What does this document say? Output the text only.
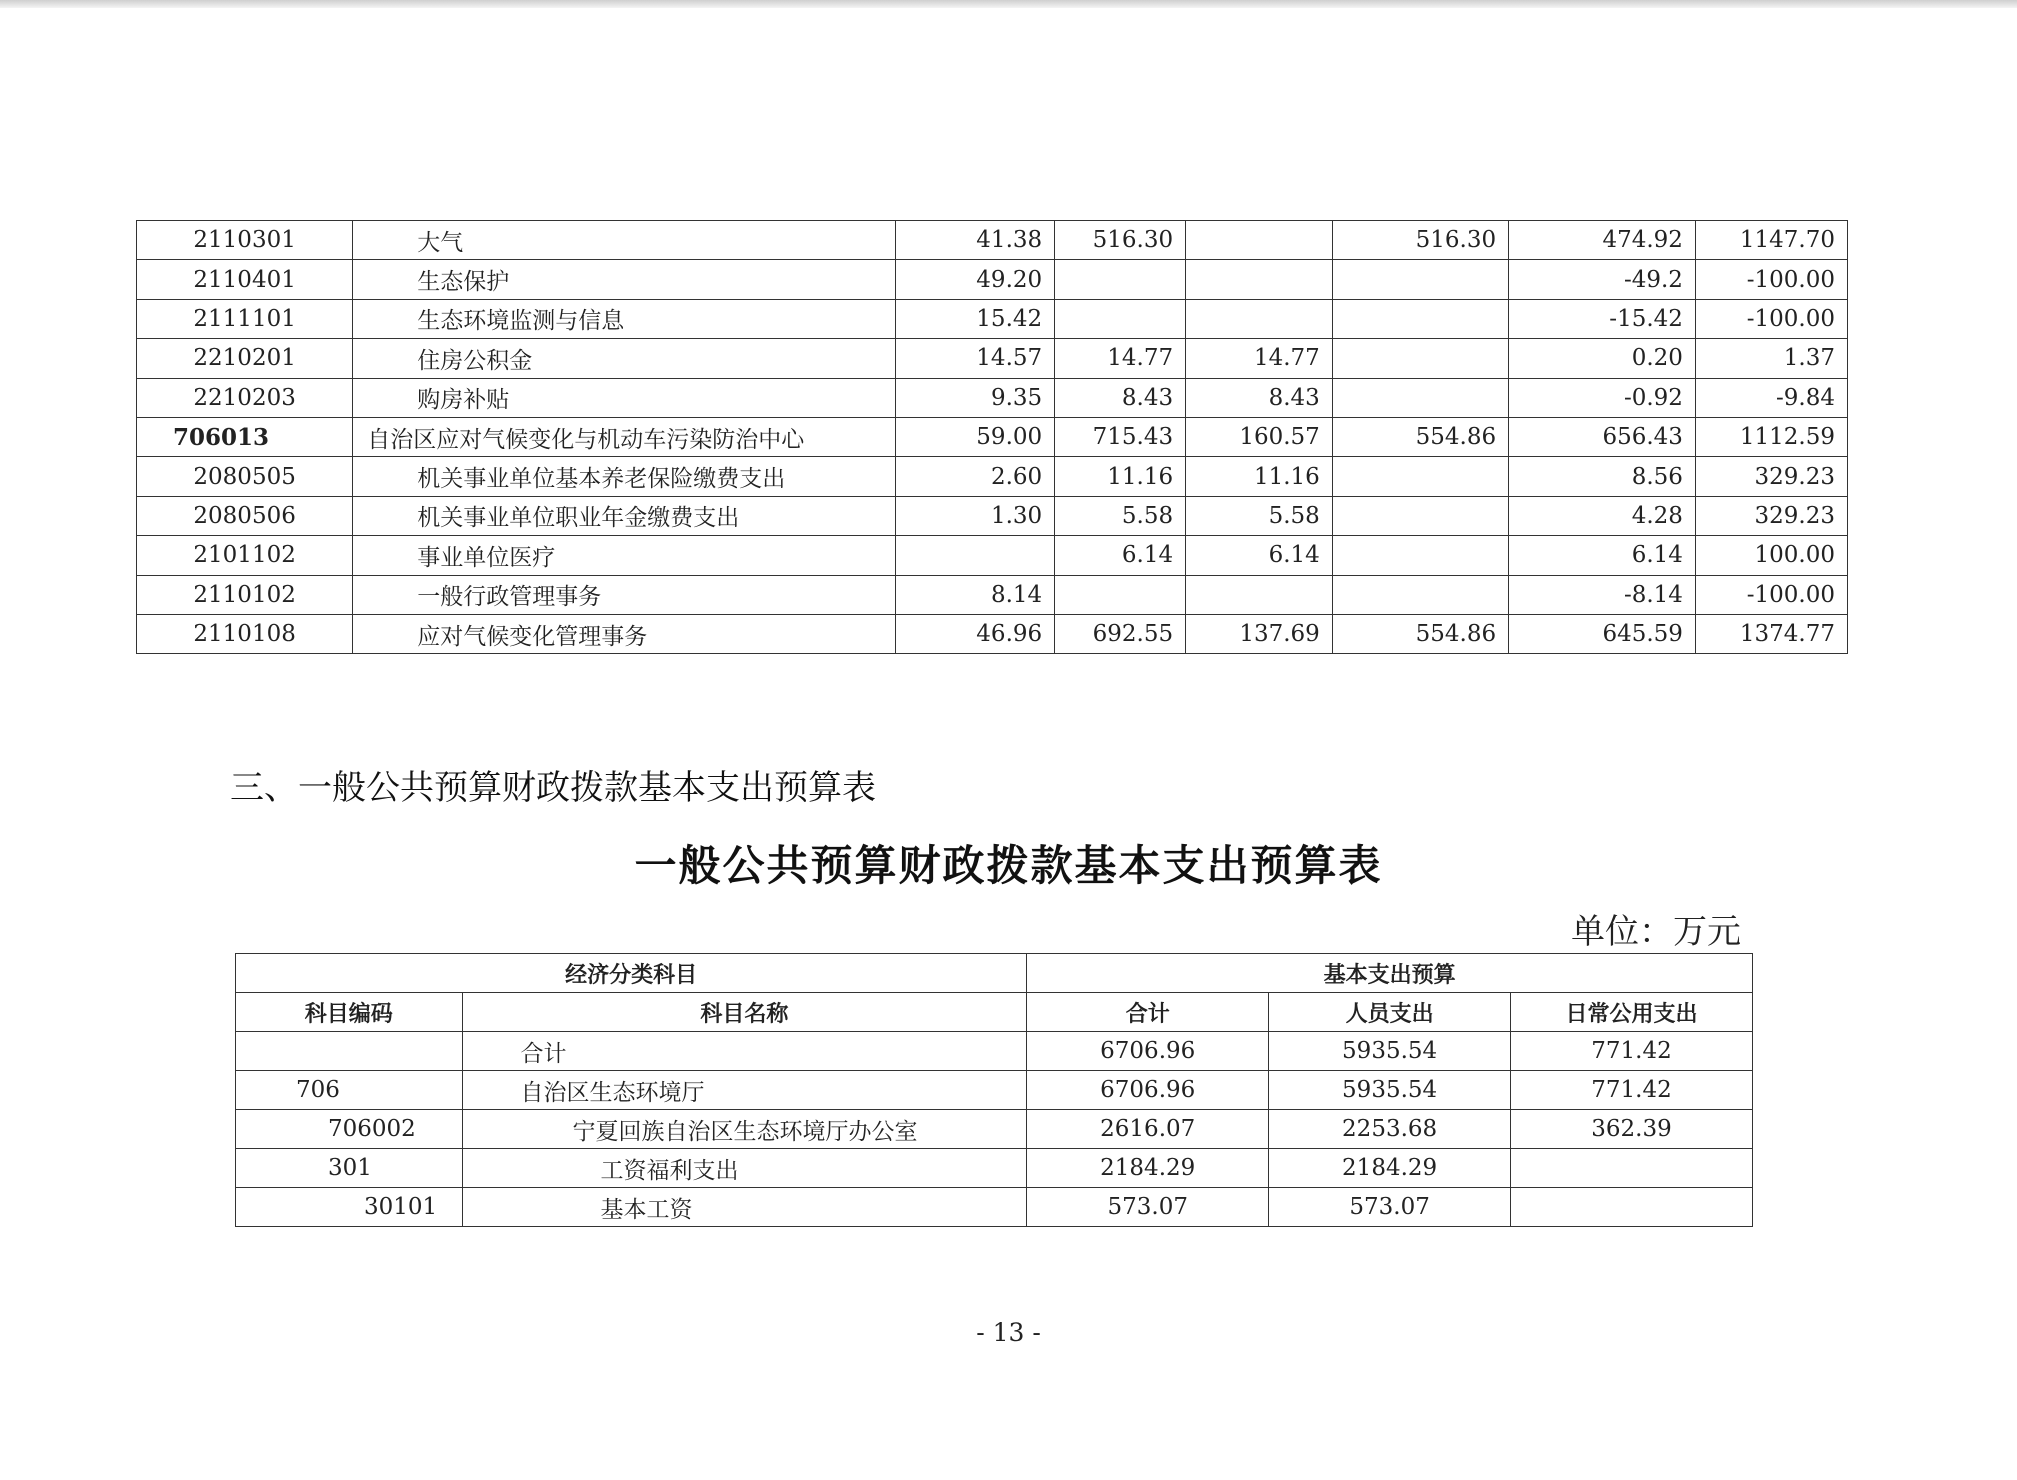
2110301	大气	41.38	516.30		516.30	474.92	1147.70
2110401	生态保护	49.20				-49.2	-100.00
2111101	生态环境监测与信息	15.42				-15.42	-100.00
2210201	住房公积金	14.57	14.77	14.77		0.20	1.37
2210203	购房补贴	9.35	8.43	8.43		-0.92	-9.84
706013	自治区应对气候变化与机动车污染防治中心	59.00	715.43	160.57	554.86	656.43	1112.59
2080505	机关事业单位基本养老保险缴费支出	2.60	11.16	11.16		8.56	329.23
2080506	机关事业单位职业年金缴费支出	1.30	5.58	5.58		4.28	329.23
2101102	事业单位医疗		6.14	6.14		6.14	100.00
2110102	一般行政管理事务	8.14				-8.14	-100.00
2110108	应对气候变化管理事务	46.96	692.55	137.69	554.86	645.59	1374.77
三、一般公共预算财政拨款基本支出预算表
一般公共预算财政拨款基本支出预算表
单位：万元
经济分类科目		基本支出预算		
科目编码	科目名称	合计	人员支出	日常公用支出
	合计	6706.96	5935.54	771.42
706	自治区生态环境厅	6706.96	5935.54	771.42
706002	宁夏回族自治区生态环境厅办公室	2616.07	2253.68	362.39
301	工资福利支出	2184.29	2184.29	
30101	基本工资	573.07	573.07	
- 13 -
